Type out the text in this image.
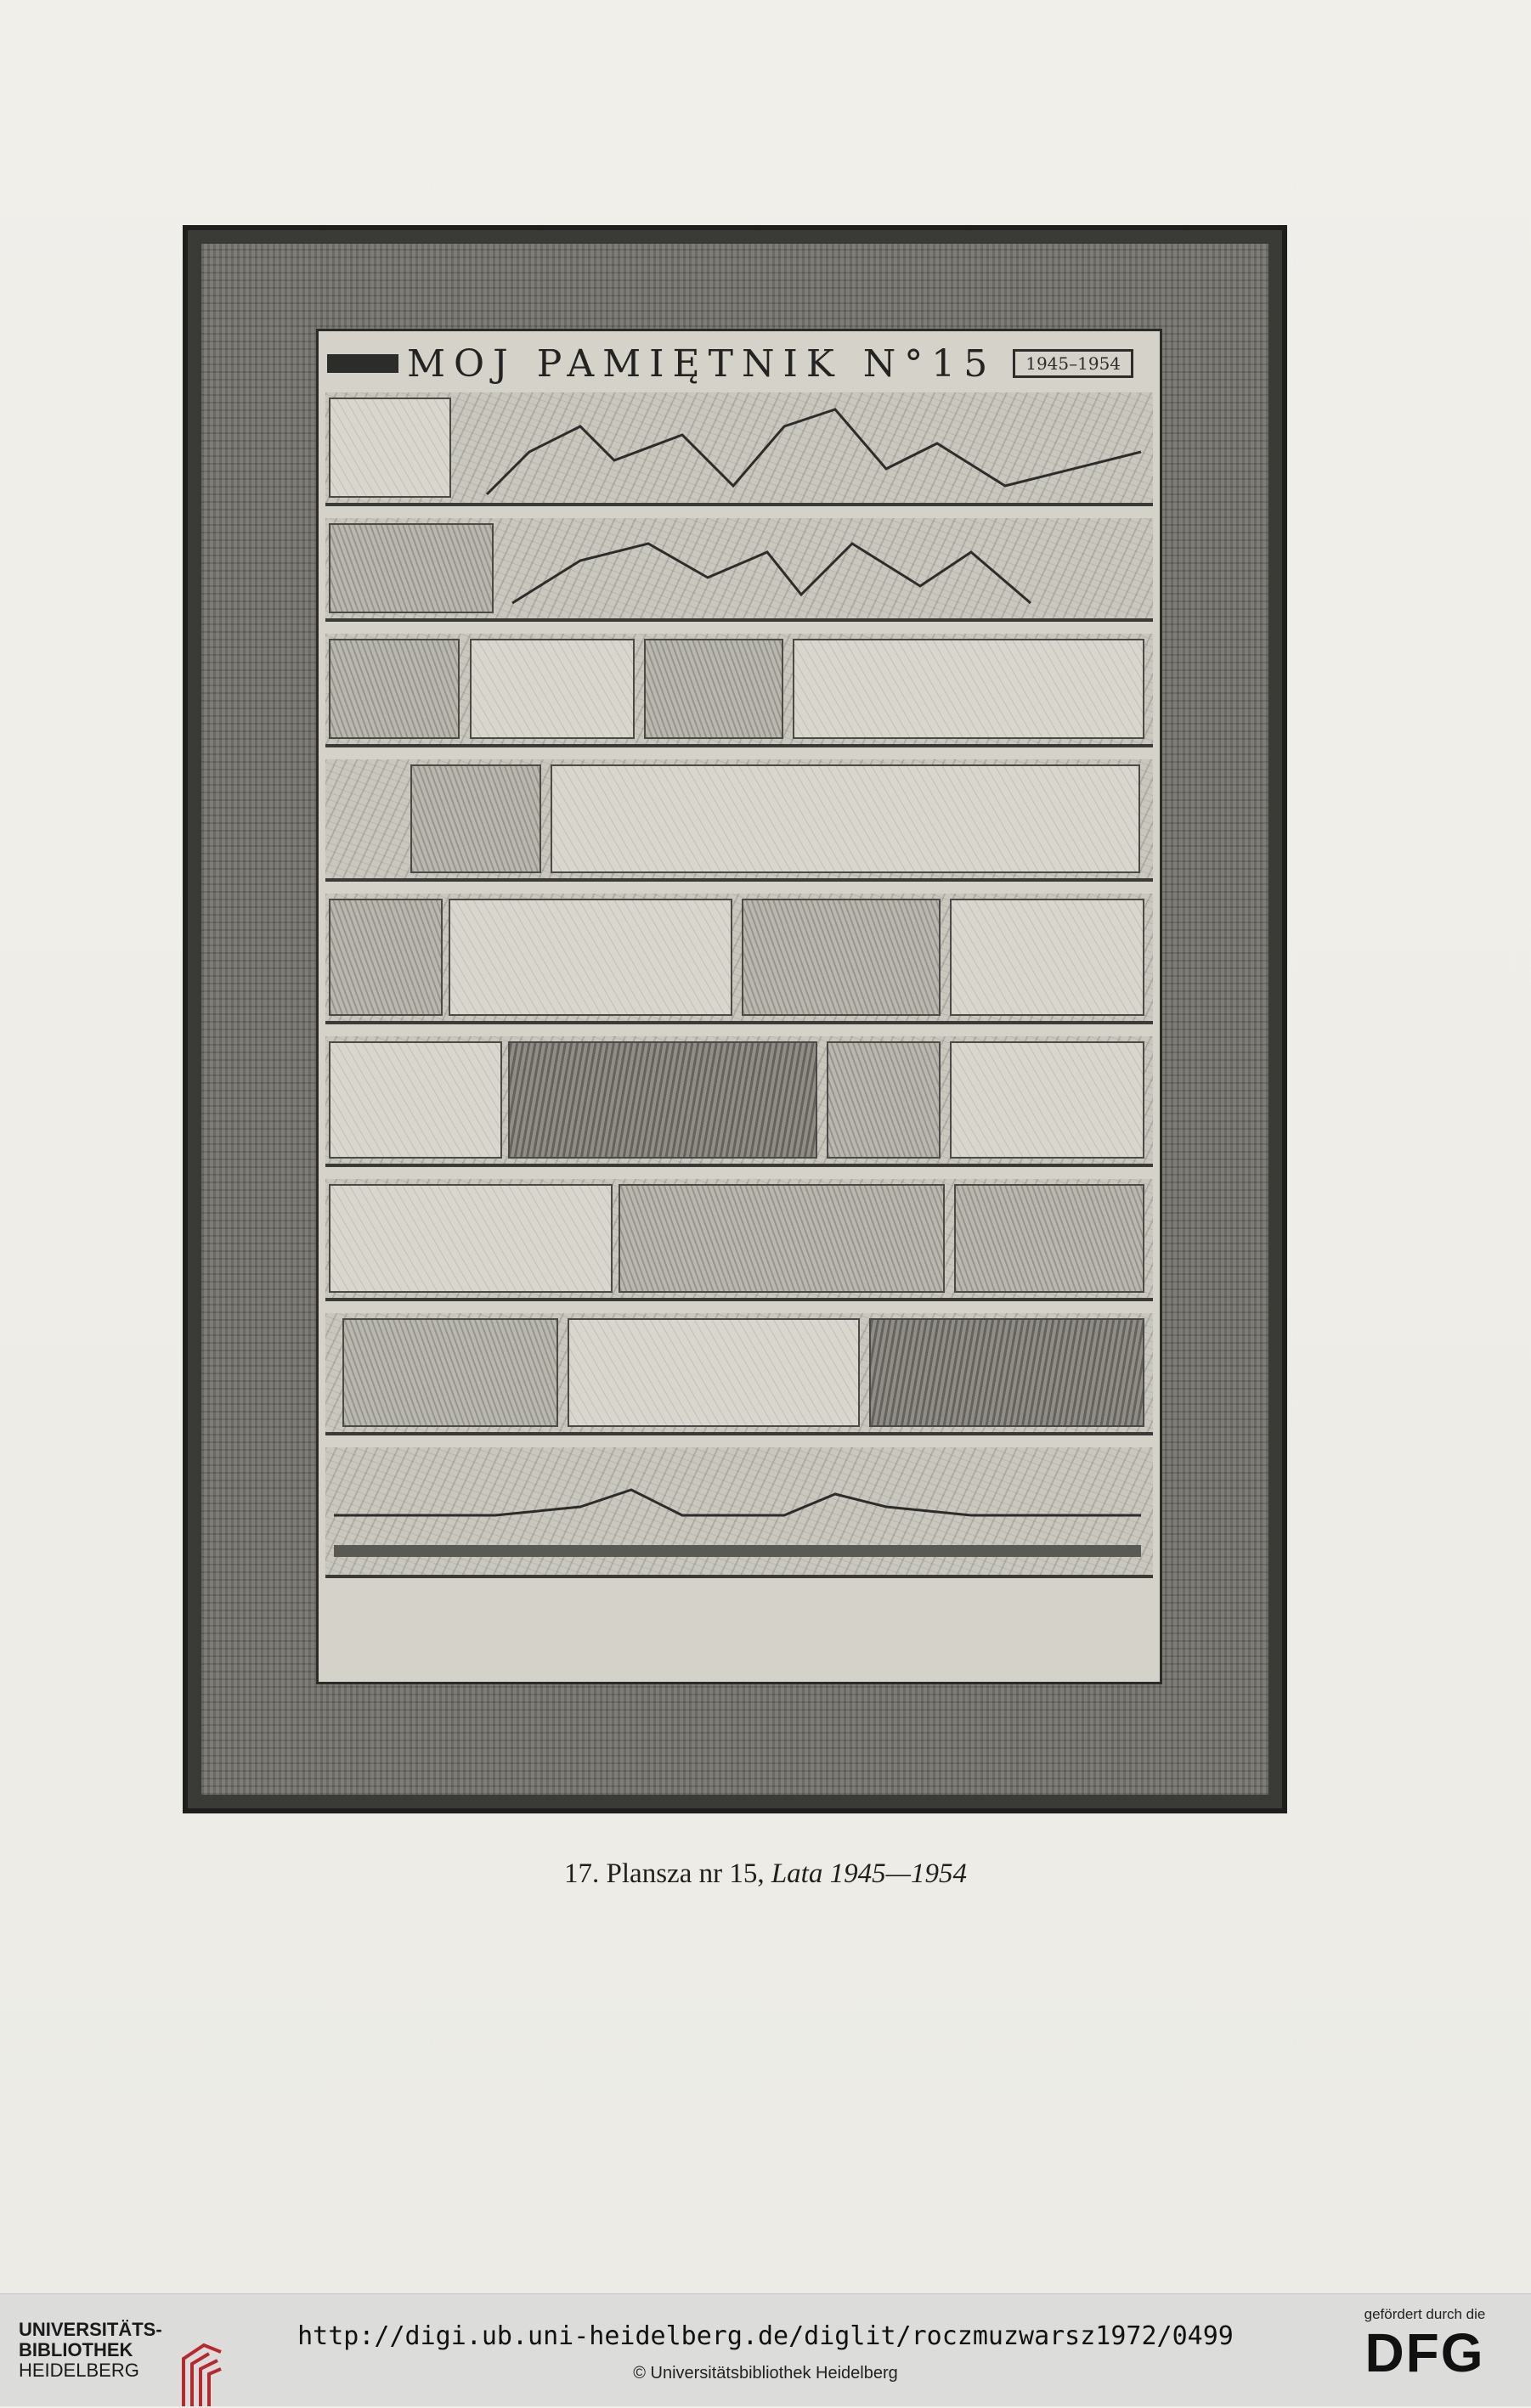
MOJ PAMIĘTNIK N°15	1945–1954
17. Plansza nr 15, Lata 1945—1954
UNIVERSITÄTS-
BIBLIOTHEK
HEIDELBERG
http://digi.ub.uni-heidelberg.de/diglit/roczmuzwarsz1972/0499
© Universitätsbibliothek Heidelberg
gefördert durch die
DFG
